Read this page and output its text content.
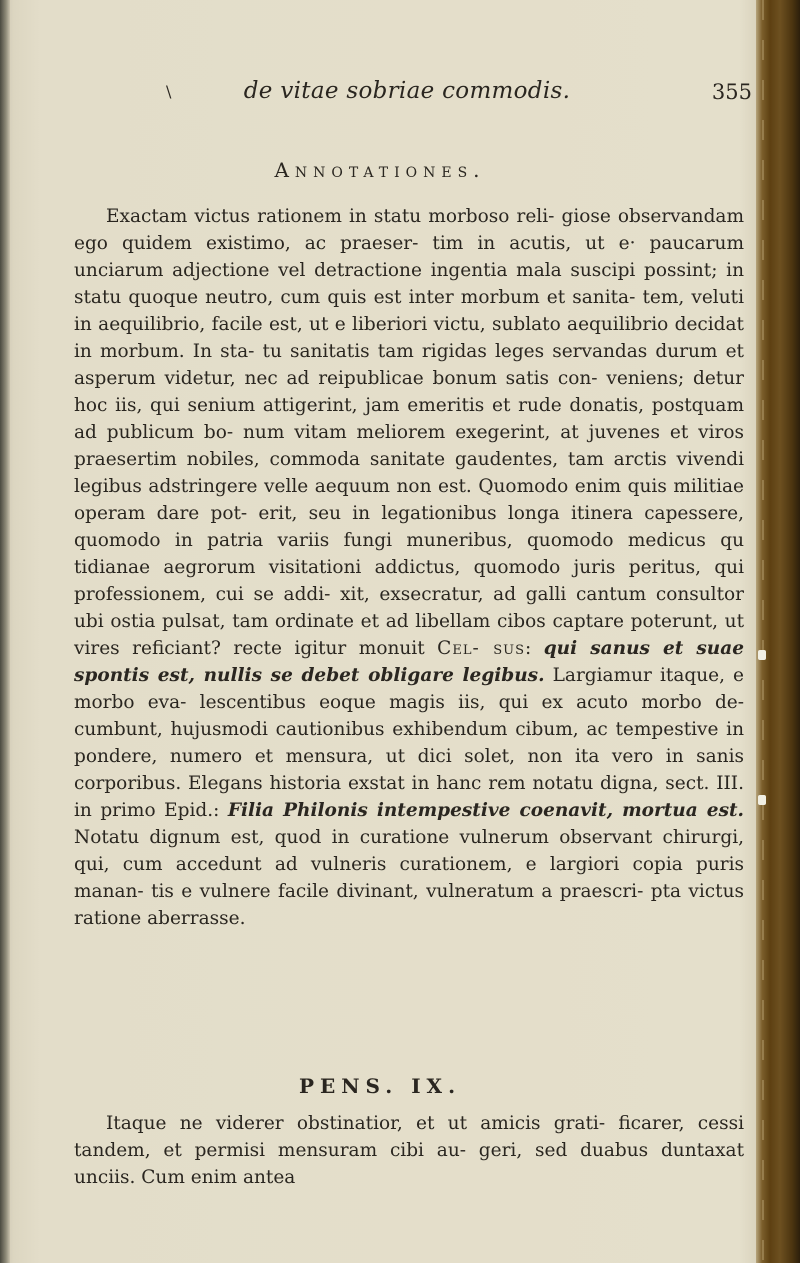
\	de vitae sobriae commodis.	355
Annotationes.

Exactam victus rationem in statu morboso reli- giose observandam ego quidem existimo, ac praeser- tim in acutis, ut e· paucarum unciarum adjectione vel detractione ingentia mala suscipi possint; in statu quoque neutro, cum quis est inter morbum et sanita- tem, veluti in aequilibrio, facile est, ut e liberiori victu, sublato aequilibrio decidat in morbum. In sta- tu sanitatis tam rigidas leges servandas durum et asperum videtur, nec ad reipublicae bonum satis con- veniens; detur hoc iis, qui senium attigerint, jam emeritis et rude donatis, postquam ad publicum bo- num vitam meliorem exegerint, at juvenes et viros praesertim nobiles, commoda sanitate gaudentes, tam arctis vivendi legibus adstringere velle aequum non est. Quomodo enim quis militiae operam dare pot- erit, seu in legationibus longa itinera capessere, quomodo in patria variis fungi muneribus, quomodo medicus qu tidianae aegrorum visitationi addictus, quomodo juris peritus, qui professionem, cui se addi- xit, exsecratur, ad galli cantum consultor ubi ostia pulsat, tam ordinate et ad libellam cibos captare poterunt, ut vires reficiant? recte igitur monuit Cel- sus: qui sanus et suae spontis est, nullis se debet obligare legibus. Largiamur itaque, e morbo eva- lescentibus eoque magis iis, qui ex acuto morbo de- cumbunt, hujusmodi cautionibus exhibendum cibum, ac tempestive in pondere, numero et mensura, ut dici solet, non ita vero in sanis corporibus. Elegans historia exstat in hanc rem notatu digna, sect. III. in primo Epid.: Filia Philonis intempestive coenavit, mortua est. Notatu dignum est, quod in curatione vulnerum observant chirurgi, qui, cum accedunt ad vulneris curationem, e largiori copia puris manan- tis e vulnere facile divinant, vulneratum a praescri- pta victus ratione aberrasse.

PENS. IX.

Itaque ne viderer obstinatior, et ut amicis grati- ficarer, cessi tandem, et permisi mensuram cibi au- geri, sed duabus duntaxat unciis. Cum enim antea
